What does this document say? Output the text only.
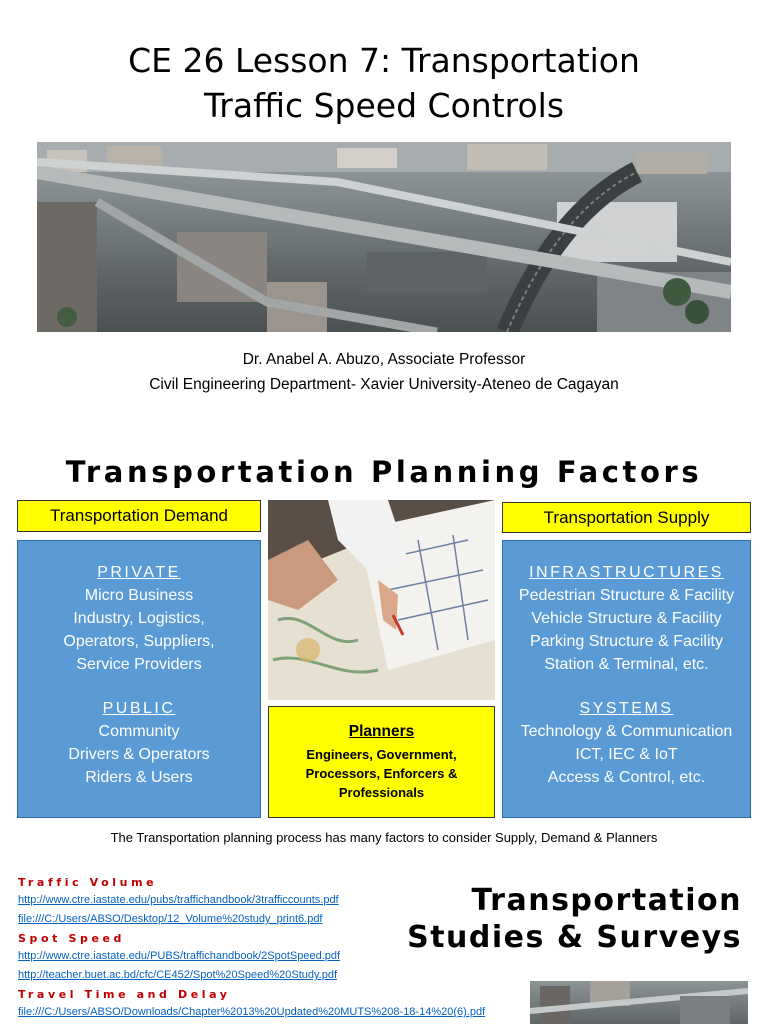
CE 26 Lesson 7: Transportation
Traffic Speed Controls
Dr. Anabel A. Abuzo, Associate Professor
Civil Engineering Department- Xavier University-Ateneo de Cagayan
Transportation Planning Factors
Transportation Demand	Transportation Supply
PRIVATE
Micro Business
Industry, Logistics,
Operators, Suppliers,
Service Providers
PUBLIC
Community
Drivers & Operators
Riders & Users
Planners
Engineers, Government,
Processors, Enforcers &
Professionals
INFRASTRUCTURES
Pedestrian Structure & Facility
Vehicle Structure & Facility
Parking Structure & Facility
Station & Terminal, etc.
SYSTEMS
Technology & Communication
ICT, IEC & IoT
Access & Control, etc.
The Transportation planning process has many factors to consider Supply, Demand & Planners
Traffic Volume
http://www.ctre.iastate.edu/pubs/traffichandbook/3trafficcounts.pdf
file:///C:/Users/ABSO/Desktop/12_Volume%20study_print6.pdf
Spot Speed
http://www.ctre.iastate.edu/PUBS/traffichandbook/2SpotSpeed.pdf
http://teacher.buet.ac.bd/cfc/CE452/Spot%20Speed%20Study.pdf
Travel Time and Delay
file:///C:/Users/ABSO/Downloads/Chapter%2013%20Updated%20MUTS%208-18-14%20(6).pdf
Transportation
Studies & Surveys
